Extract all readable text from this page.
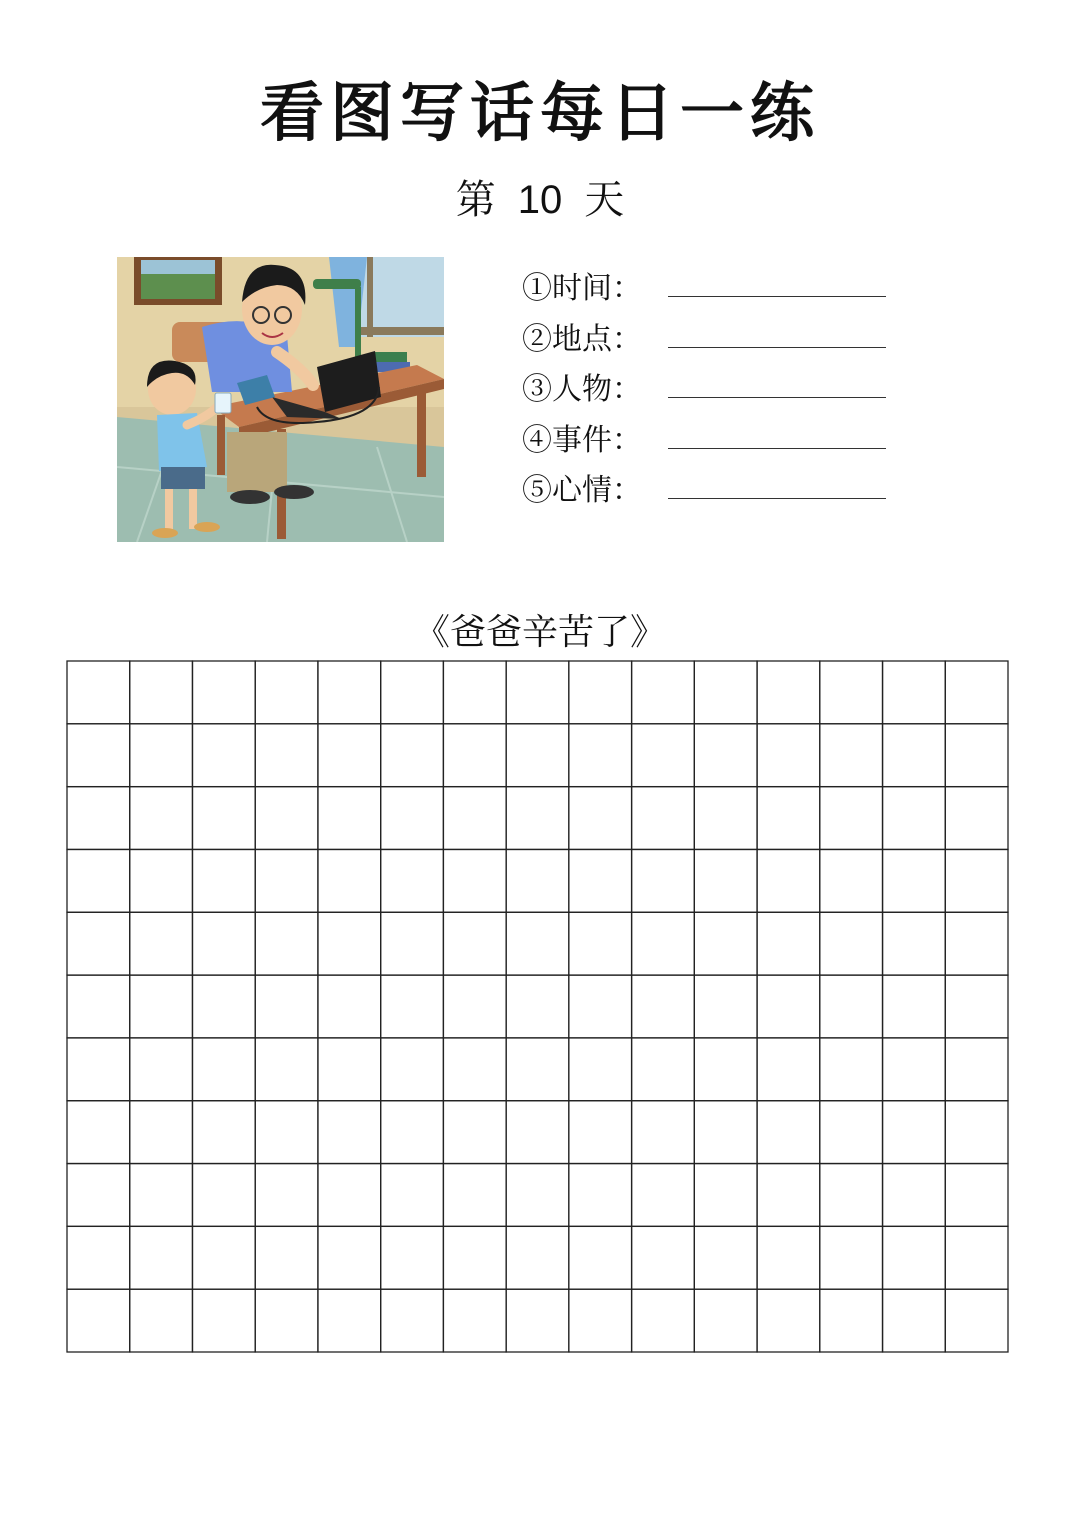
看图写话每日一练
第 10 天
①时间：
②地点：
③人物：
④事件：
⑤心情：
《爸爸辛苦了》
